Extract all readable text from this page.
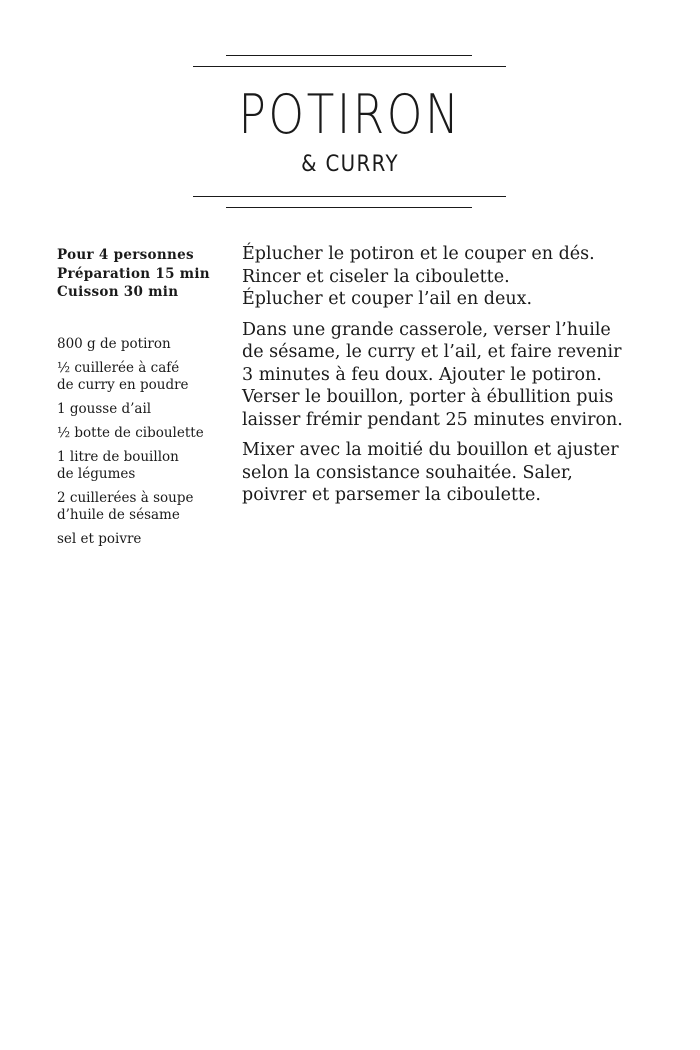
POTIRON
& CURRY
Pour 4 personnes
Préparation 15 min
Cuisson 30 min
800 g de potiron
½ cuillerée à café
de curry en poudre
1 gousse d’ail
½ botte de ciboulette
1 litre de bouillon
de légumes
2 cuillerées à soupe
d’huile de sésame
sel et poivre
Éplucher le potiron et le couper en dés.
Rincer et ciseler la ciboulette.
Éplucher et couper l’ail en deux.
Dans une grande casserole, verser l’huile
de sésame, le curry et l’ail, et faire revenir
3 minutes à feu doux. Ajouter le potiron.
Verser le bouillon, porter à ébullition puis
laisser frémir pendant 25 minutes environ.
Mixer avec la moitié du bouillon et ajuster
selon la consistance souhaitée. Saler,
poivrer et parsemer la ciboulette.
